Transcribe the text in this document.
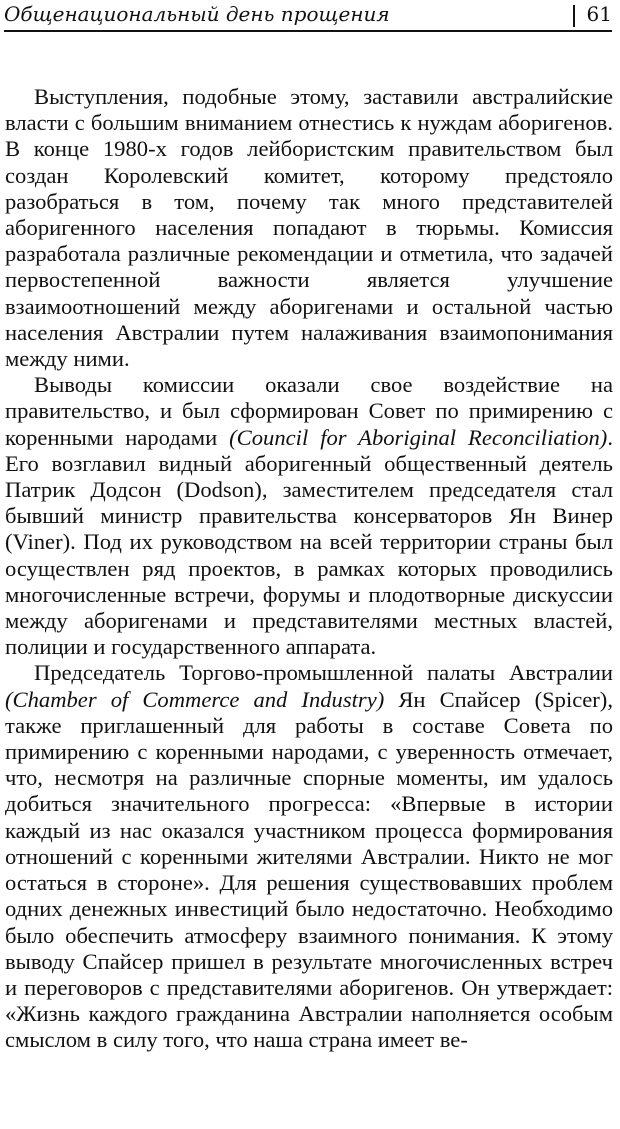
Общенациональный день прощения	61

Выступления, подобные этому, заставили австралийские власти с большим вниманием отнестись к нуждам аборигенов. В конце 1980-х годов лейбористским правительством был создан Королевский комитет, которому предстояло разобраться в том, почему так много представителей аборигенного населения попадают в тюрьмы. Комиссия разработала различные рекомендации и отметила, что задачей первостепенной важности является улучшение взаимоотношений между аборигенами и остальной частью населения Австралии путем налаживания взаимопонимания между ними.

Выводы комиссии оказали свое воздействие на правительство, и был сформирован Совет по примирению с коренными народами (Council for Aboriginal Reconciliation). Его возглавил видный аборигенный общественный деятель Патрик Додсон (Dodson), заместителем председателя стал бывший министр правительства консерваторов Ян Винер (Viner). Под их руководством на всей территории страны был осуществлен ряд проектов, в рамках которых проводились многочисленные встречи, форумы и плодотворные дискуссии между аборигенами и представителями местных властей, полиции и государственного аппарата.

Председатель Торгово-промышленной палаты Австралии (Chamber of Commerce and Industry) Ян Спайсер (Spicer), также приглашенный для работы в составе Совета по примирению с коренными народами, с уверенность отмечает, что, несмотря на различные спорные моменты, им удалось добиться значительного прогресса: «Впервые в истории каждый из нас оказался участником процесса формирования отношений с коренными жителями Австралии. Никто не мог остаться в стороне». Для решения существовавших проблем одних денежных инвестиций было недостаточно. Необходимо было обеспечить атмосферу взаимного понимания. К этому выводу Спайсер пришел в результате многочисленных встреч и переговоров с представителями аборигенов. Он утверждает: «Жизнь каждого гражданина Австралии наполняется особым смыслом в силу того, что наша страна имеет ве-
